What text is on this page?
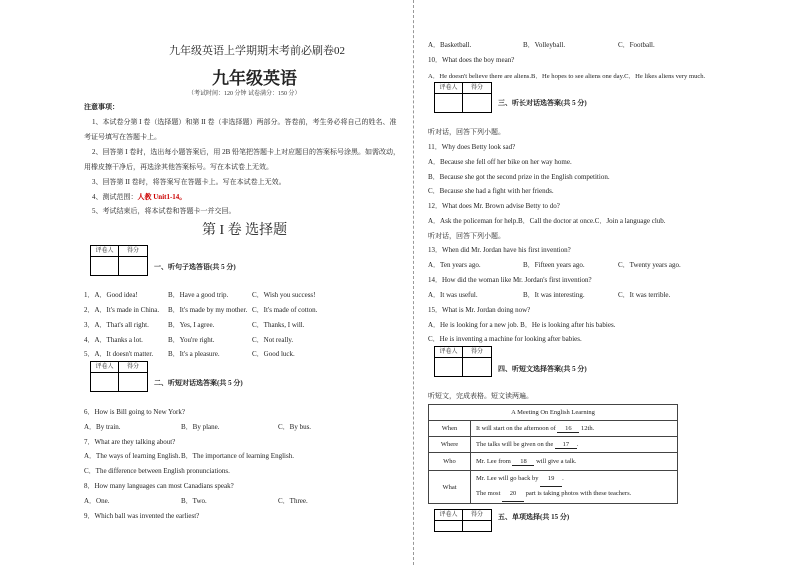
九年级英语上学期期末考前必刷卷02
九年级英语
（考试时间：120 分钟 试卷满分：150 分）
注意事项：
1、本试卷分第 I 卷（选择题）和第 II 卷（非选择题）两部分。答卷前，考生务必将自己的姓名、准
考证号填写在答题卡上。
2、回答第 I 卷时，选出每小题答案后，用 2B 铅笔把答题卡上对应题目的答案标号涂黑。如需改动，
用橡皮擦干净后，再选涂其他答案标号。写在本试卷上无效。
3、回答第 II 卷时，将答案写在答题卡上。写在本试卷上无效。
4、测试范围：人教 Unit1-14。
5、考试结束后，将本试卷和答题卡一并交回。
第 I 卷 选择题
评卷人	得分
一、听句子选答语(共 5 分)
1．A．Good idea!	B．Have a good trip.	C．Wish you success!
2．A．It's made in China. B．It's made by my mother. C．It's made of cotton.
3．A．That's all right.	B．Yes, I agree.	C．Thanks, I will.
4．A．Thanks a lot.	B．You're right.	C．Not really.
5．A．It doesn't matter. B．It's a pleasure.	C．Good luck.
评卷人	得分
二、听短对话选答案(共 5 分)
6．How is Bill going to New York?
A．By train.	B．By plane.	C．By bus.
7．What are they talking about?
A．The ways of learning English.B．The importance of learning English.
C．The difference between English pronunciations.
8．How many languages can most Canadians speak?
A．One.	B．Two.	C．Three.
9．Which ball was invented the earliest?
A．Basketball.	B．Volleyball.	C．Football.
10．What does the boy mean?
A．He doesn't believe there are aliens.B．He hopes to see aliens one day.C．He likes aliens very much.
评卷人	得分
三、听长对话选答案(共 5 分)
听对话，回答下列小题。
11．Why does Betty look sad?
A．Because she fell off her bike on her way home.
B．Because she got the second prize in the English competition.
C．Because she had a fight with her friends.
12．What does Mr. Brown advise Betty to do?
A．Ask the policeman for help.B．Call the doctor at once.C．Join a language club.
听对话，回答下列小题。
13．When did Mr. Jordan have his first invention?
A．Ten years ago.	B．Fifteen years ago.	C．Twenty years ago.
14．How did the woman like Mr. Jordan's first invention?
A．It was useful.	B．It was interesting.	C．It was terrible.
15．What is Mr. Jordan doing now?
A．He is looking for a new job. B．He is looking after his babies.
C．He is inventing a machine for looking after babies.
评卷人	得分
四、听短文选择答案(共 5 分)
听短文，完成表格。短文读两遍。
A Meeting On English Learning	
When	It will start on the afternoon of 16 12th.
Where	The talks will be given on the 17 .
Who	Mr. Lee from 18 will give a talk.
What	Mr. Lee will go back by 19 .
The most 20 part is taking photos with these teachers.
评卷人	得分	五、单项选择(共 15 分)
